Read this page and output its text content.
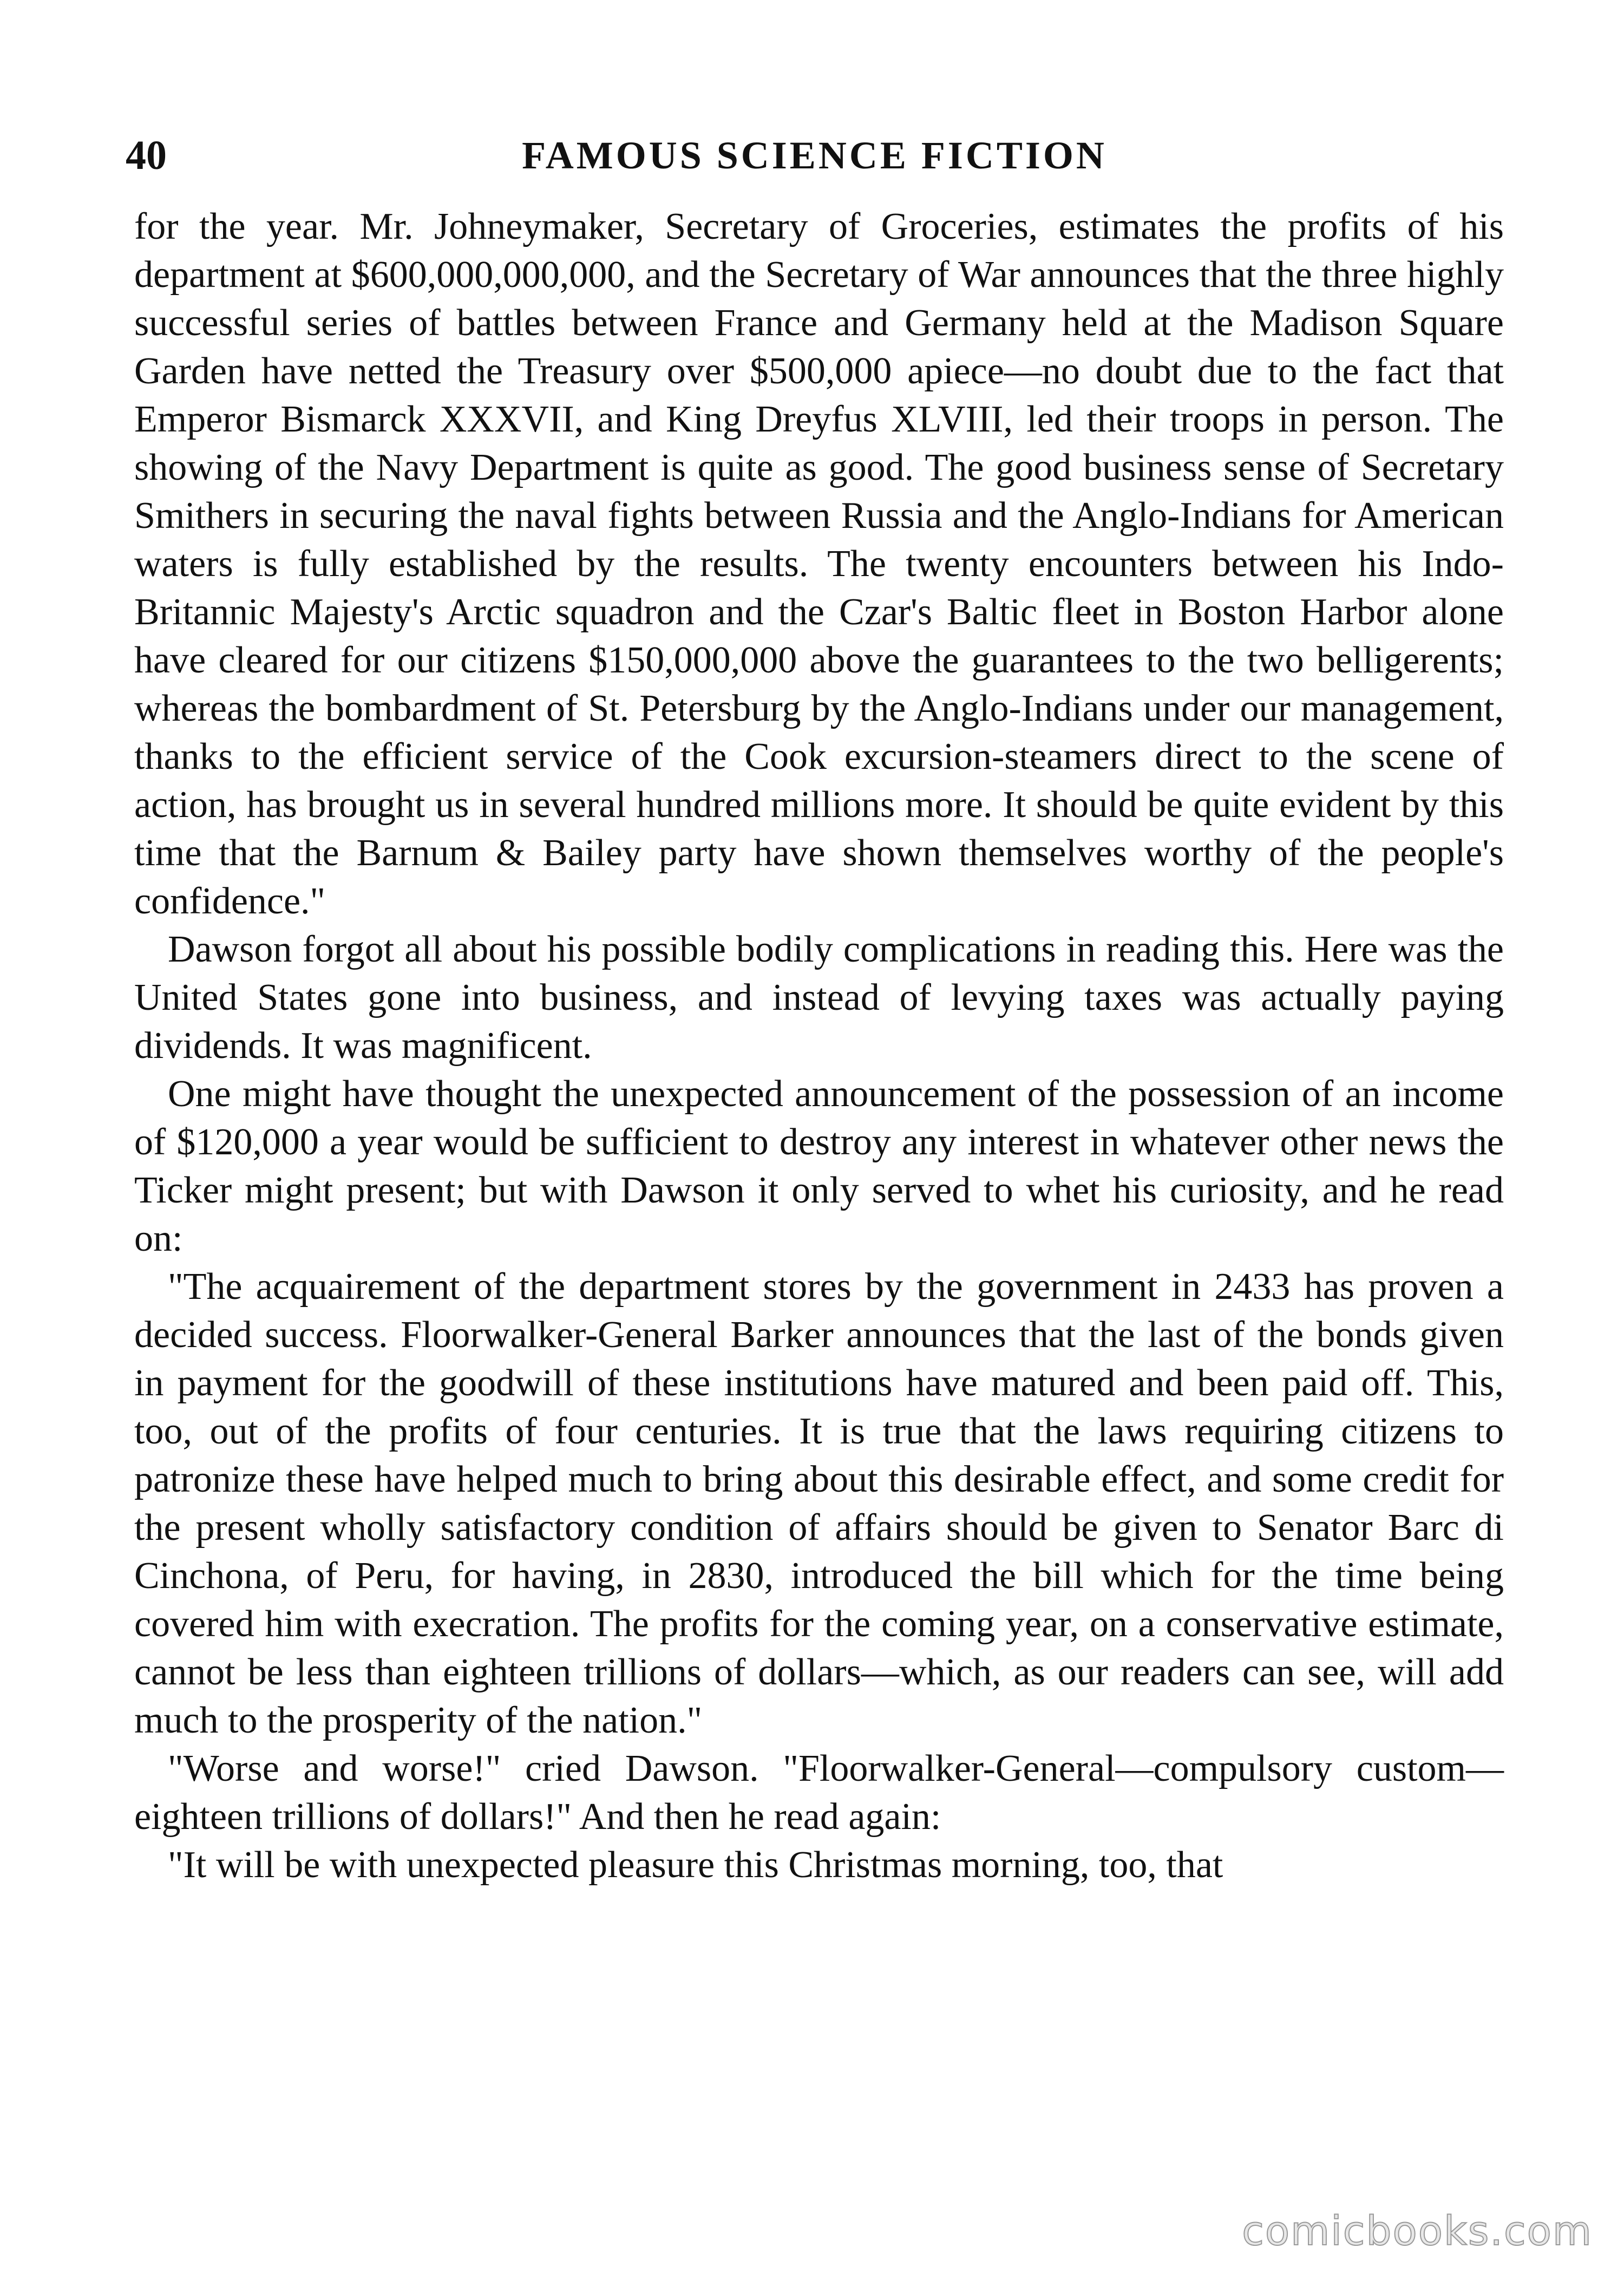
40	FAMOUS SCIENCE FICTION

for the year. Mr. Johneymaker, Secretary of Groceries, estimates the profits of his department at $600,000,000,000, and the Secretary of War announces that the three highly successful series of battles between France and Germany held at the Madison Square Garden have netted the Treasury over $500,000 apiece—no doubt due to the fact that Emperor Bismarck XXXVII, and King Dreyfus XLVIII, led their troops in person. The showing of the Navy Department is quite as good. The good business sense of Secretary Smithers in securing the naval fights between Russia and the Anglo-Indians for American waters is fully established by the results. The twenty encounters between his Indo-Britannic Majesty's Arctic squadron and the Czar's Baltic fleet in Boston Harbor alone have cleared for our citizens $150,000,000 above the guarantees to the two belligerents; whereas the bombardment of St. Petersburg by the Anglo-Indians under our management, thanks to the efficient service of the Cook excursion-steamers direct to the scene of action, has brought us in several hundred millions more. It should be quite evident by this time that the Barnum & Bailey party have shown themselves worthy of the people's confidence."

Dawson forgot all about his possible bodily complications in reading this. Here was the United States gone into business, and instead of levying taxes was actually paying dividends. It was magnificent.

One might have thought the unexpected announcement of the possession of an income of $120,000 a year would be sufficient to destroy any interest in whatever other news the Ticker might present; but with Dawson it only served to whet his curiosity, and he read on:

"The acquairement of the department stores by the government in 2433 has proven a decided success. Floorwalker-General Barker announces that the last of the bonds given in payment for the goodwill of these institutions have matured and been paid off. This, too, out of the profits of four centuries. It is true that the laws requiring citizens to patronize these have helped much to bring about this desirable effect, and some credit for the present wholly satisfactory condition of affairs should be given to Senator Barc di Cinchona, of Peru, for having, in 2830, introduced the bill which for the time being covered him with execration. The profits for the coming year, on a conservative estimate, cannot be less than eighteen trillions of dollars—which, as our readers can see, will add much to the prosperity of the nation."

"Worse and worse!" cried Dawson. "Floorwalker-General—compulsory custom—eighteen trillions of dollars!" And then he read again:

"It will be with unexpected pleasure this Christmas morning, too, that

comicbooks.com
